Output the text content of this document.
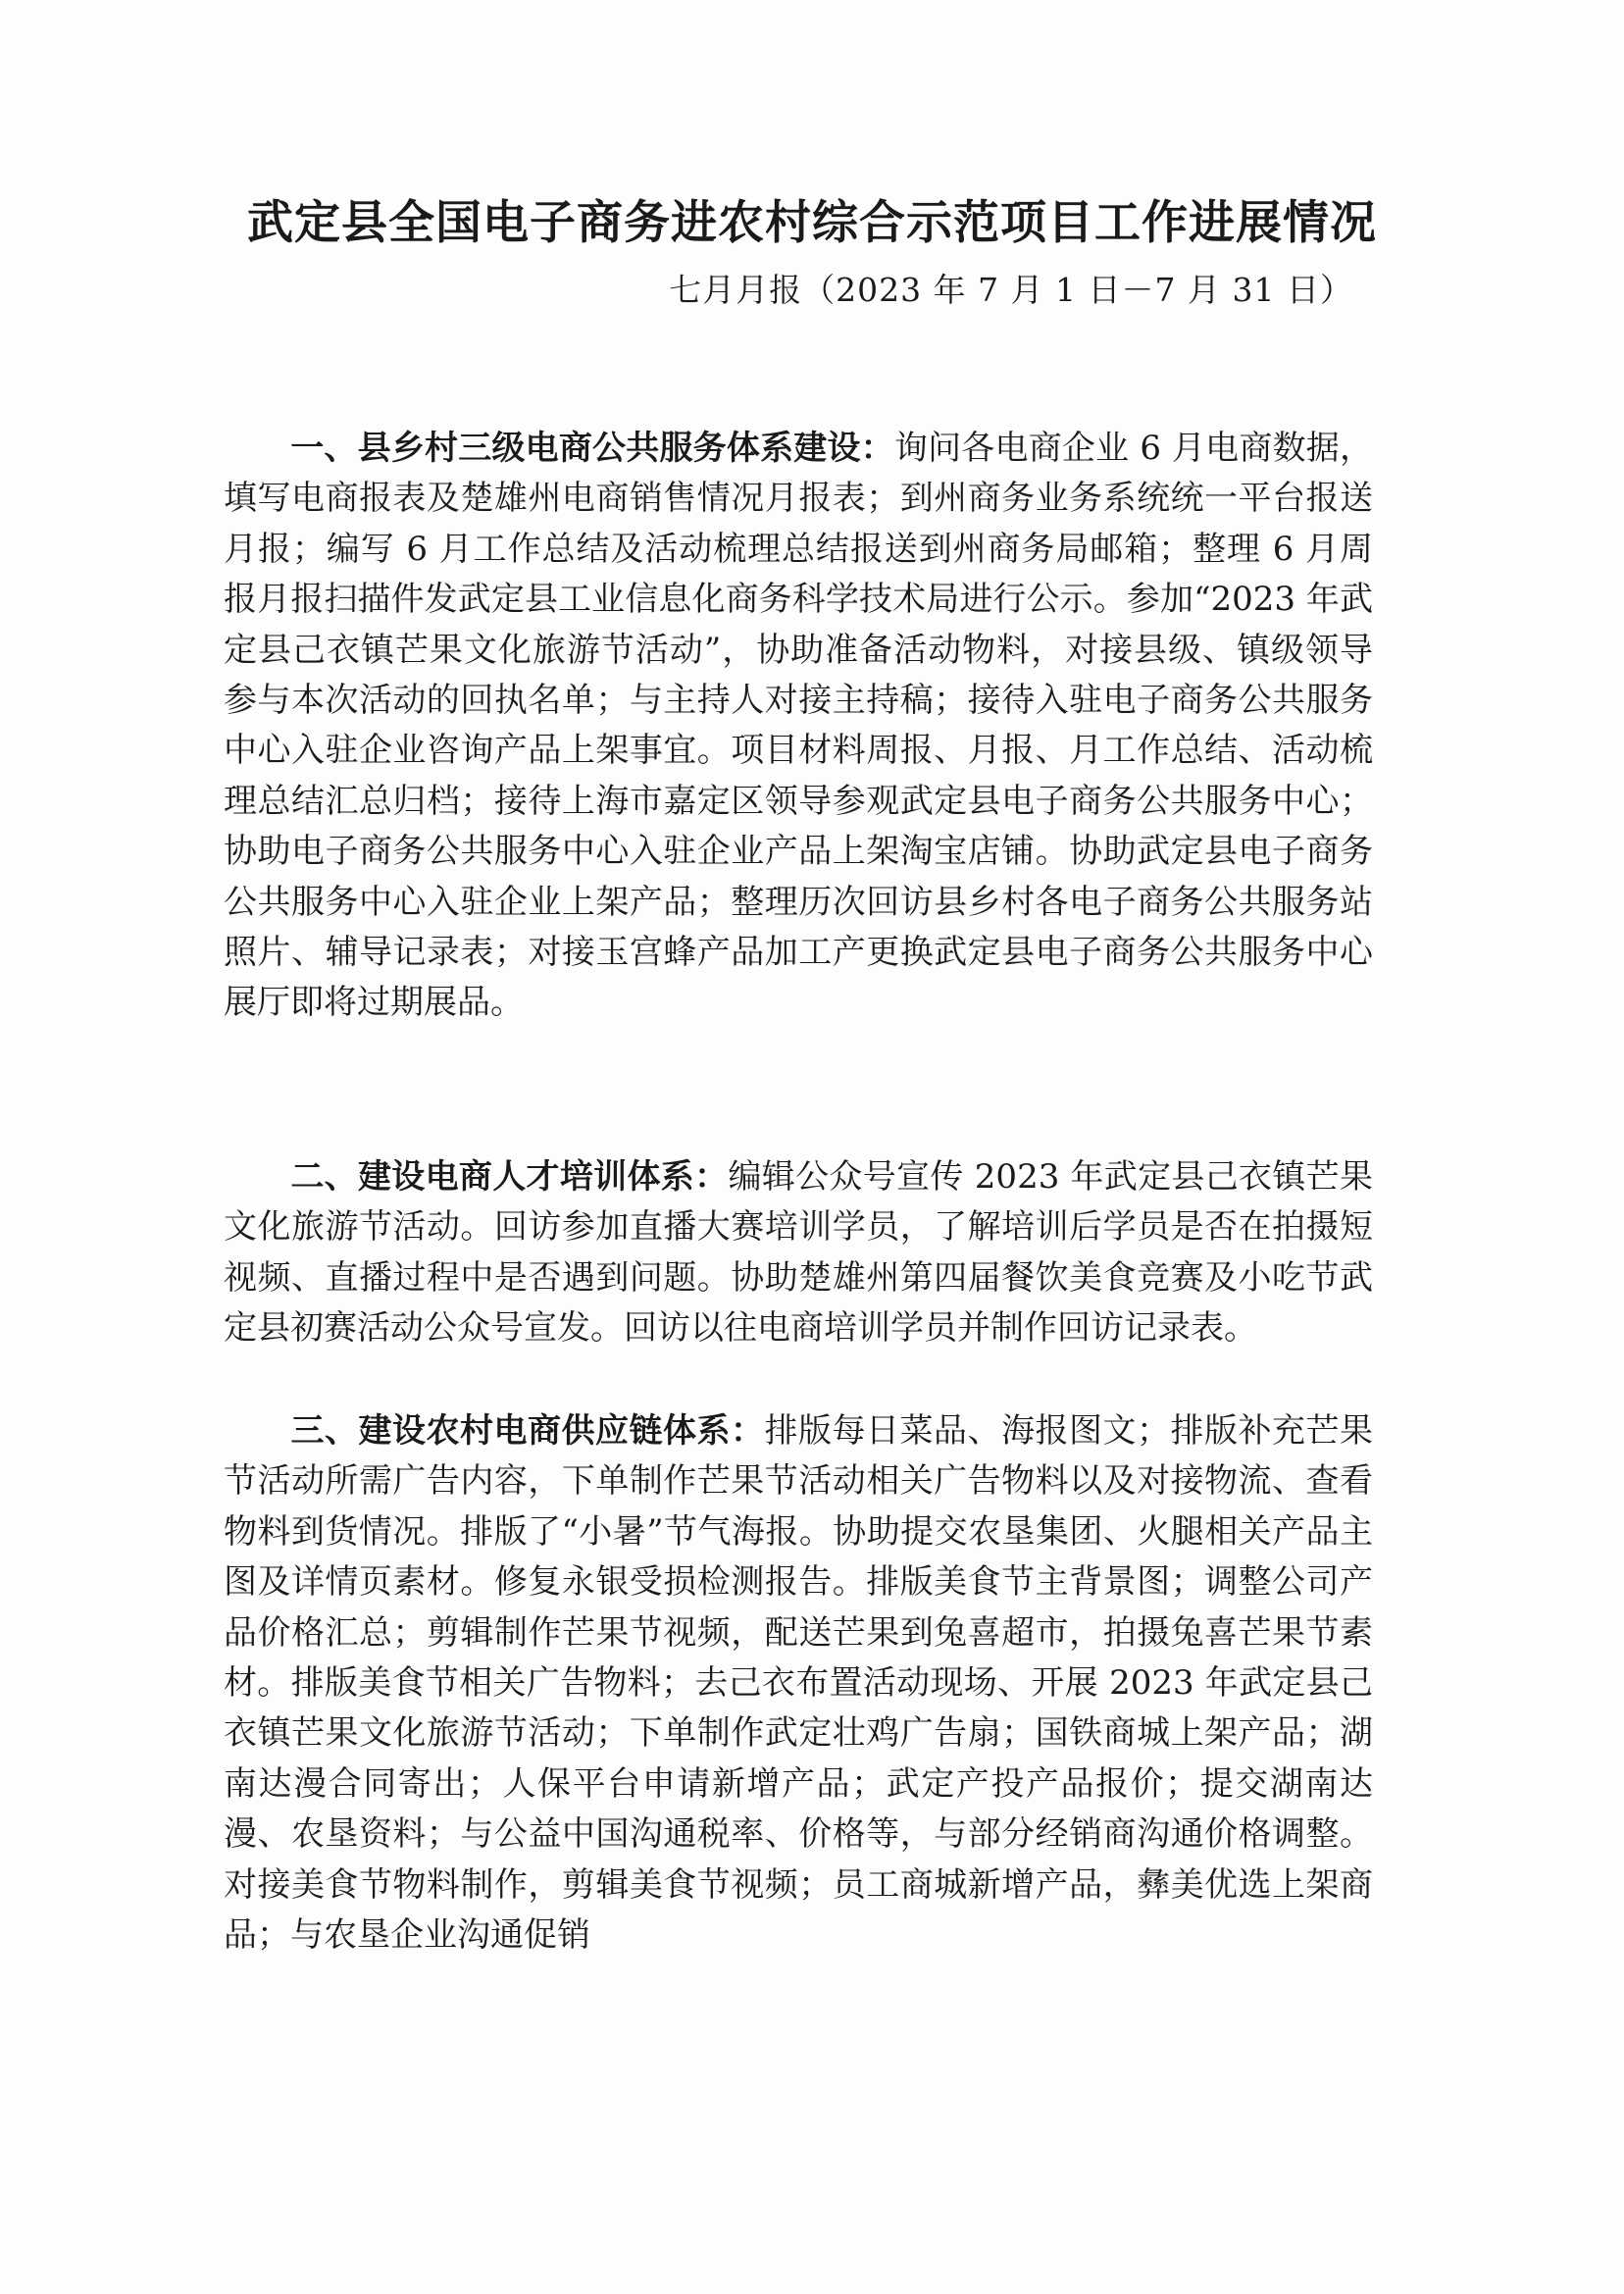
武定县全国电子商务进农村综合示范项目工作进展情况
七月月报（2023 年 7 月 1 日－7 月 31 日）

一、县乡村三级电商公共服务体系建设：询问各电商企业 6 月电商数据，填写电商报表及楚雄州电商销售情况月报表；到州商务业务系统统一平台报送月报；编写 6 月工作总结及活动梳理总结报送到州商务局邮箱；整理 6 月周报月报扫描件发武定县工业信息化商务科学技术局进行公示。参加“2023 年武定县己衣镇芒果文化旅游节活动”，协助准备活动物料，对接县级、镇级领导参与本次活动的回执名单；与主持人对接主持稿；接待入驻电子商务公共服务中心入驻企业咨询产品上架事宜。项目材料周报、月报、月工作总结、活动梳理总结汇总归档；接待上海市嘉定区领导参观武定县电子商务公共服务中心；协助电子商务公共服务中心入驻企业产品上架淘宝店铺。协助武定县电子商务公共服务中心入驻企业上架产品；整理历次回访县乡村各电子商务公共服务站照片、辅导记录表；对接玉宫蜂产品加工产更换武定县电子商务公共服务中心展厅即将过期展品。

二、建设电商人才培训体系：编辑公众号宣传 2023 年武定县己衣镇芒果文化旅游节活动。回访参加直播大赛培训学员，了解培训后学员是否在拍摄短视频、直播过程中是否遇到问题。协助楚雄州第四届餐饮美食竞赛及小吃节武定县初赛活动公众号宣发。回访以往电商培训学员并制作回访记录表。

三、建设农村电商供应链体系：排版每日菜品、海报图文；排版补充芒果节活动所需广告内容，下单制作芒果节活动相关广告物料以及对接物流、查看物料到货情况。排版了“小暑”节气海报。协助提交农垦集团、火腿相关产品主图及详情页素材。修复永银受损检测报告。排版美食节主背景图；调整公司产品价格汇总；剪辑制作芒果节视频，配送芒果到兔喜超市，拍摄兔喜芒果节素材。排版美食节相关广告物料；去己衣布置活动现场、开展 2023 年武定县己衣镇芒果文化旅游节活动；下单制作武定壮鸡广告扇；国铁商城上架产品；湖南达漫合同寄出；人保平台申请新增产品；武定产投产品报价；提交湖南达漫、农垦资料；与公益中国沟通税率、价格等，与部分经销商沟通价格调整。对接美食节物料制作，剪辑美食节视频；员工商城新增产品，彝美优选上架商品；与农垦企业沟通促销
